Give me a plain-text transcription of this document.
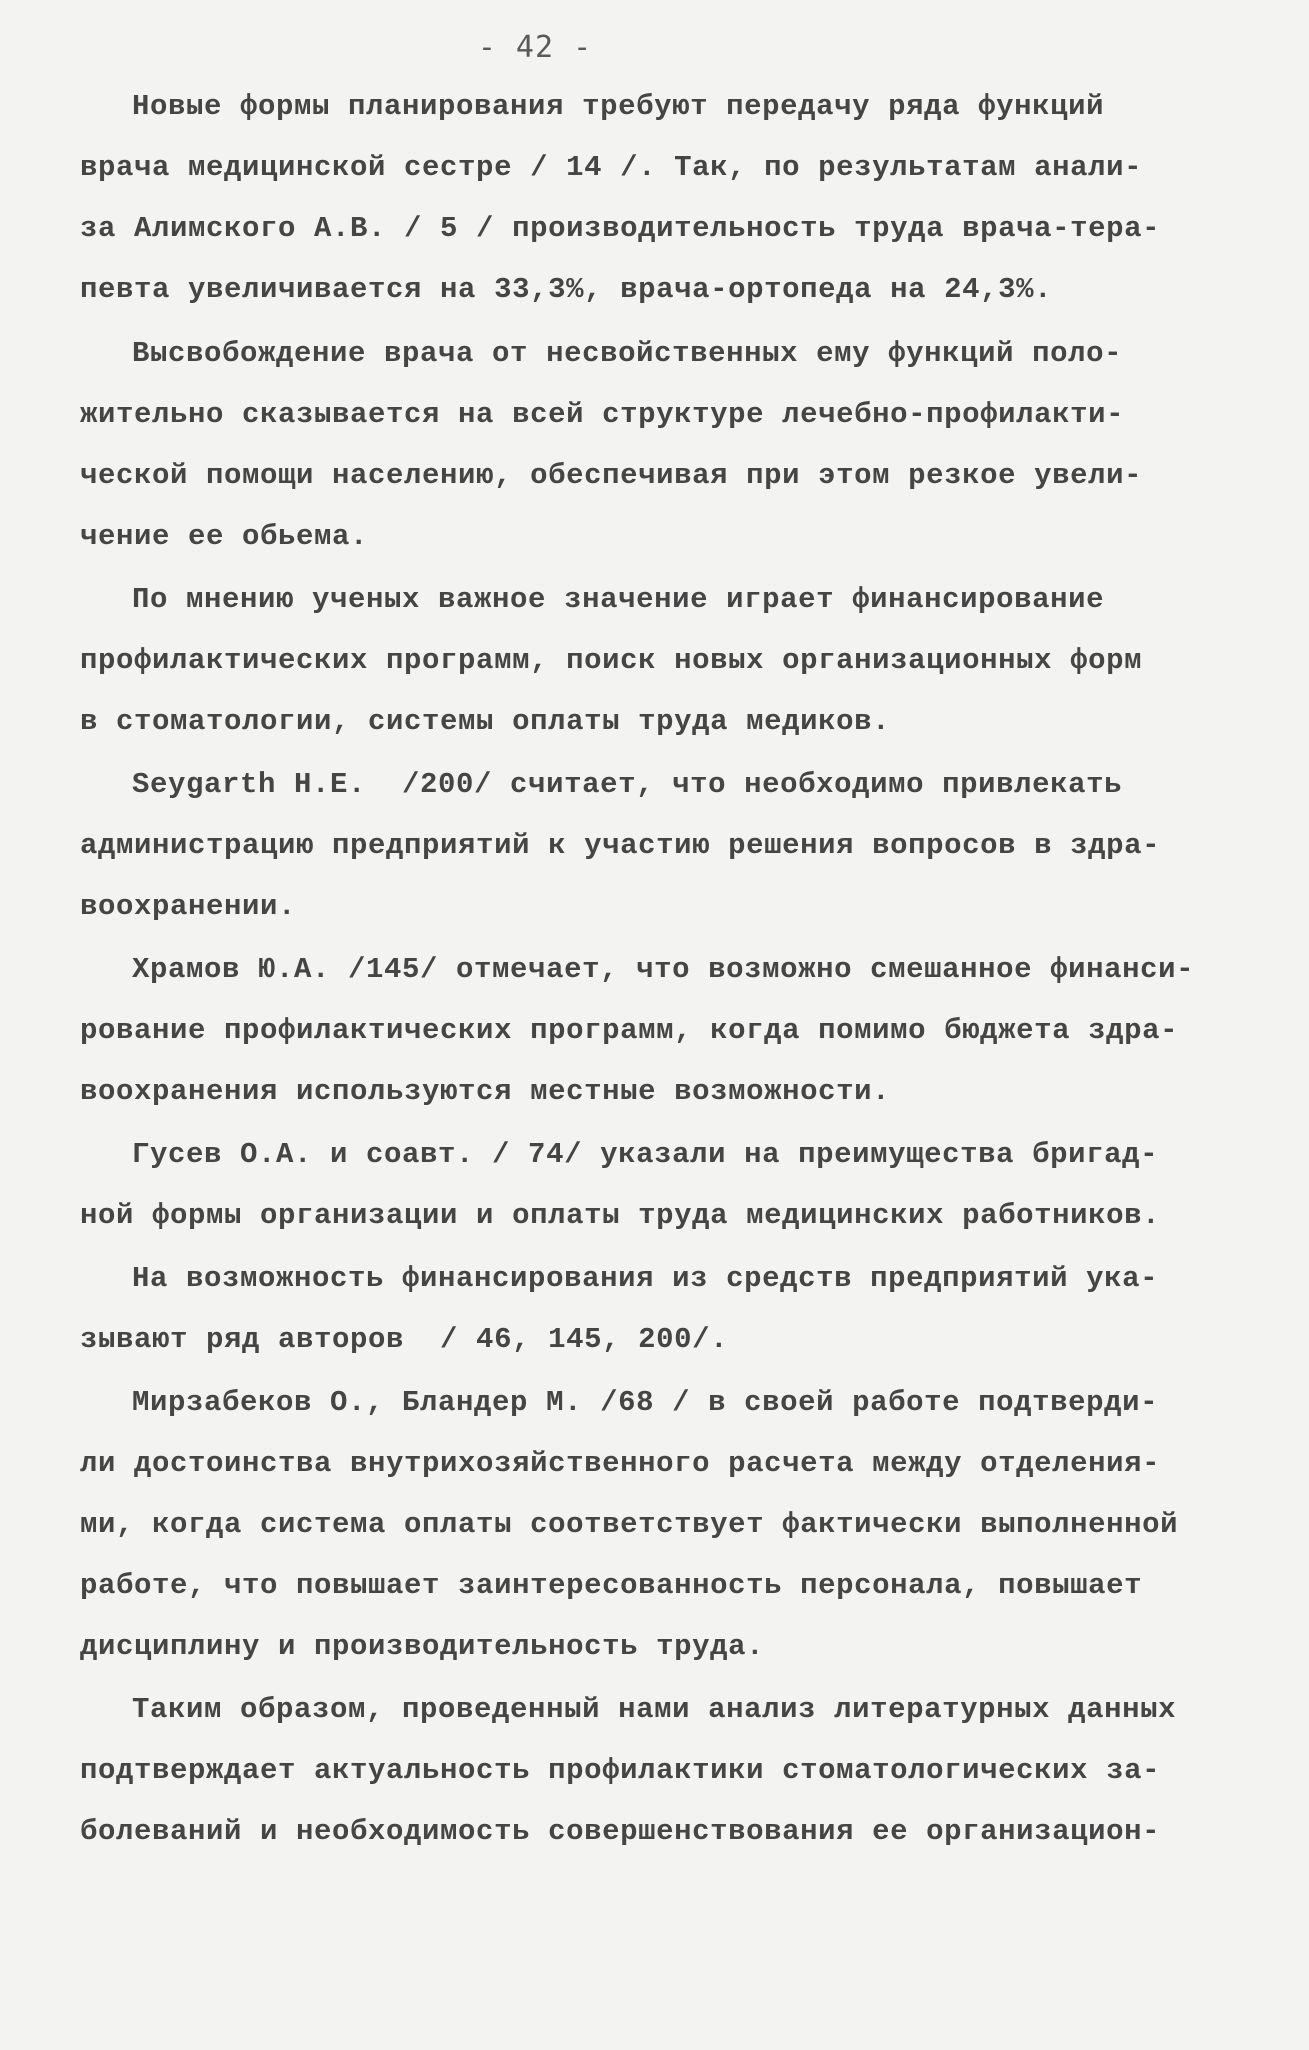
- 42 -
Новые формы планирования требуют передачу ряда функций
врача медицинской сестре / 14 /. Так, по результатам анали-
за Алимского А.В. / 5 / производительность труда врача-тера-
певта увеличивается на 33,3%, врача-ортопеда на 24,3%.
Высвобождение врача от несвойственных ему функций поло-
жительно сказывается на всей структуре лечебно-профилакти-
ческой помощи населению, обеспечивая при этом резкое увели-
чение ее обьема.
По мнению ученых важное значение играет финансирование
профилактических программ, поиск новых организационных форм
в стоматологии, системы оплаты труда медиков.
Seygarth H.E.  /200/ считает, что необходимо привлекать
администрацию предприятий к участию решения вопросов в здра-
воохранении.
Храмов Ю.А. /145/ отмечает, что возможно смешанное финанси-
рование профилактических программ, когда помимо бюджета здра-
воохранения используются местные возможности.
Гусев О.А. и соавт. / 74/ указали на преимущества бригад-
ной формы организации и оплаты труда медицинских работников.
На возможность финансирования из средств предприятий ука-
зывают ряд авторов  / 46, 145, 200/.
Мирзабеков О., Бландер М. /68 / в своей работе подтверди-
ли достоинства внутрихозяйственного расчета между отделения-
ми, когда система оплаты соответствует фактически выполненной
работе, что повышает заинтересованность персонала, повышает
дисциплину и производительность труда.
Таким образом, проведенный нами анализ литературных данных
подтверждает актуальность профилактики стоматологических за-
болеваний и необходимость совершенствования ее организацион-
